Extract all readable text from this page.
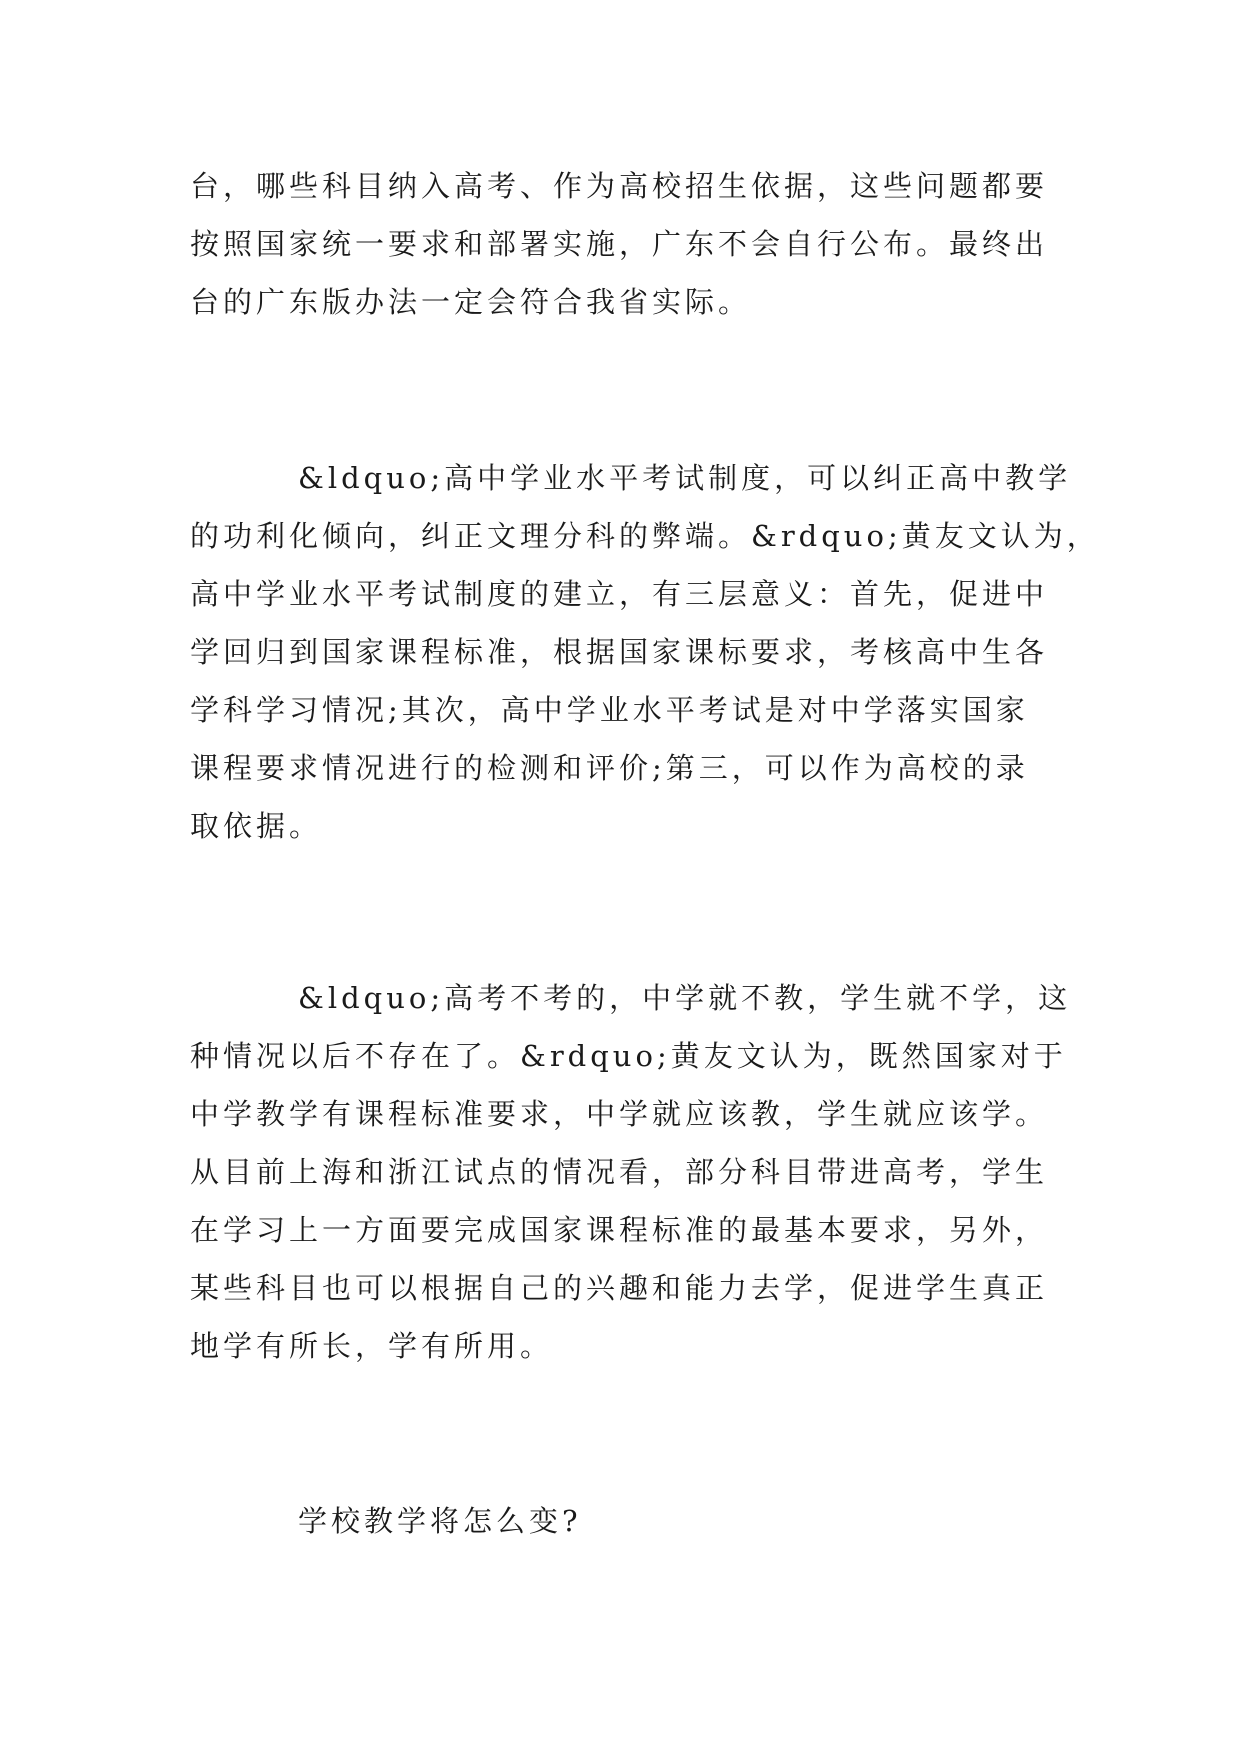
台，哪些科目纳入高考、作为高校招生依据，这些问题都要
按照国家统一要求和部署实施，广东不会自行公布。最终出
台的广东版办法一定会符合我省实际。
&ldquo;高中学业水平考试制度，可以纠正高中教学
的功利化倾向，纠正文理分科的弊端。&rdquo;黄友文认为，
高中学业水平考试制度的建立，有三层意义：首先，促进中
学回归到国家课程标准，根据国家课标要求，考核高中生各
学科学习情况;其次，高中学业水平考试是对中学落实国家
课程要求情况进行的检测和评价;第三，可以作为高校的录
取依据。
&ldquo;高考不考的，中学就不教，学生就不学，这
种情况以后不存在了。&rdquo;黄友文认为，既然国家对于
中学教学有课程标准要求，中学就应该教，学生就应该学。
从目前上海和浙江试点的情况看，部分科目带进高考，学生
在学习上一方面要完成国家课程标准的最基本要求，另外，
某些科目也可以根据自己的兴趣和能力去学，促进学生真正
地学有所长，学有所用。
学校教学将怎么变?
